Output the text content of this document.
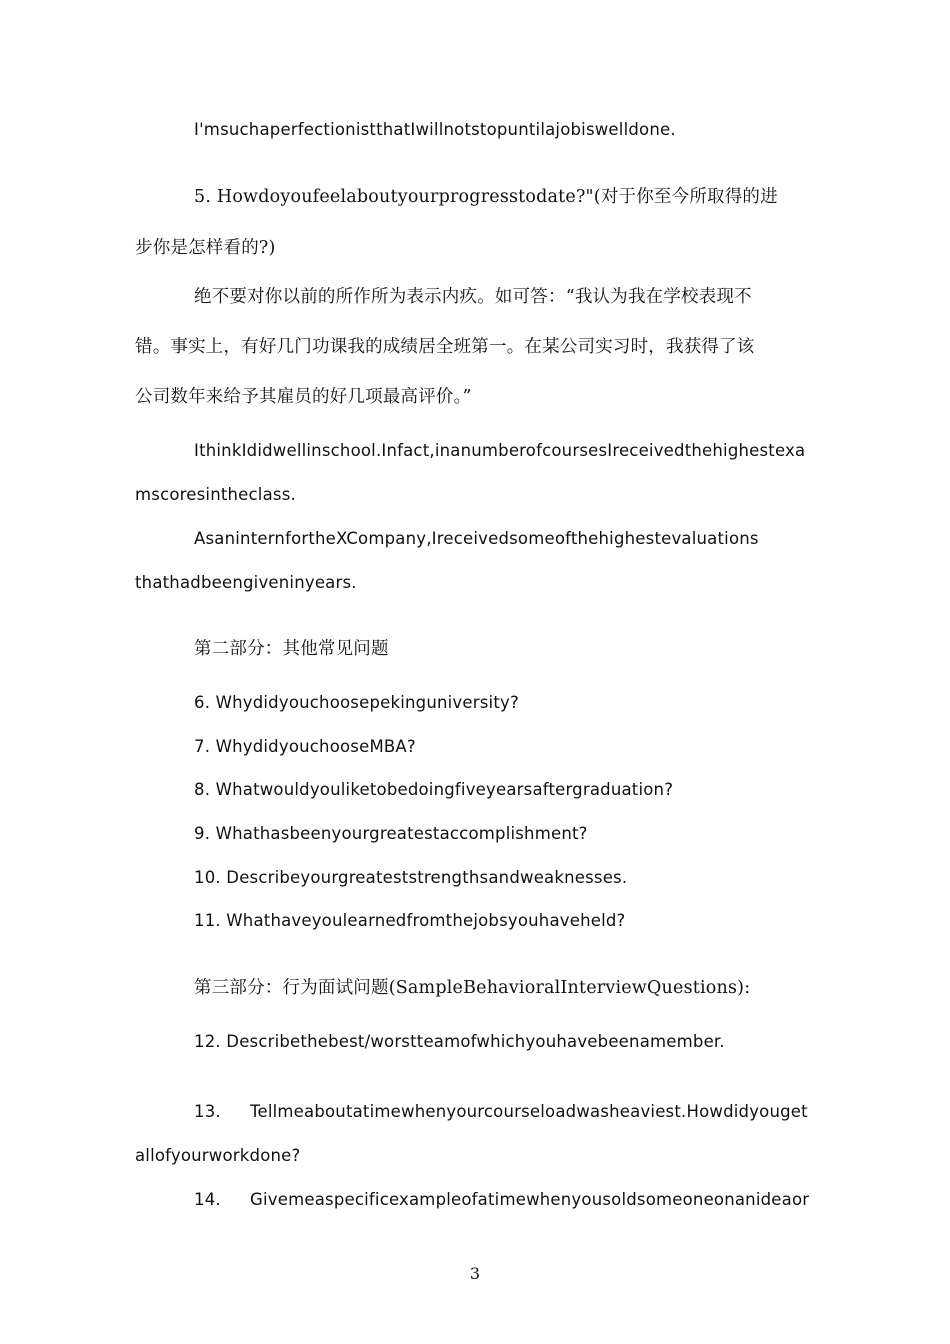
I'msuchaperfectionistthatIwillnotstopuntilajobiswelldone.
5. Howdoyoufeelaboutyourprogresstodate?"(对于你至今所取得的进
步你是怎样看的?)
绝不要对你以前的所作所为表示内疚。如可答：“我认为我在学校表现不
错。事实上，有好几门功课我的成绩居全班第一。在某公司实习时，我获得了该
公司数年来给予其雇员的好几项最高评价。”
IthinkIdidwellinschool.Infact,inanumberofcoursesIreceivedthehighestexa
mscoresintheclass.
AsaninternfortheXCompany,Ireceivedsomeofthehighestevaluations
thathadbeengiveninyears.
第二部分：其他常见问题
6. Whydidyouchoosepekinguniversity?
7. WhydidyouchooseMBA?
8. Whatwouldyouliketobedoingfiveyearsaftergraduation?
9. Whathasbeenyourgreatestaccomplishment?
10. Describeyourgreateststrengthsandweaknesses.
11. Whathaveyoulearnedfromthejobsyouhaveheld?
第三部分：行为面试问题(SampleBehavioralInterviewQuestions):
12. Describethebest/worstteamofwhichyouhavebeenamember.
13. Tellmeaboutatimewhenyourcourseloadwasheaviest.Howdidyouget
allofyourworkdone?
14. Givemeaspecificexampleofatimewhenyousoldsomeoneonanideaor
3
